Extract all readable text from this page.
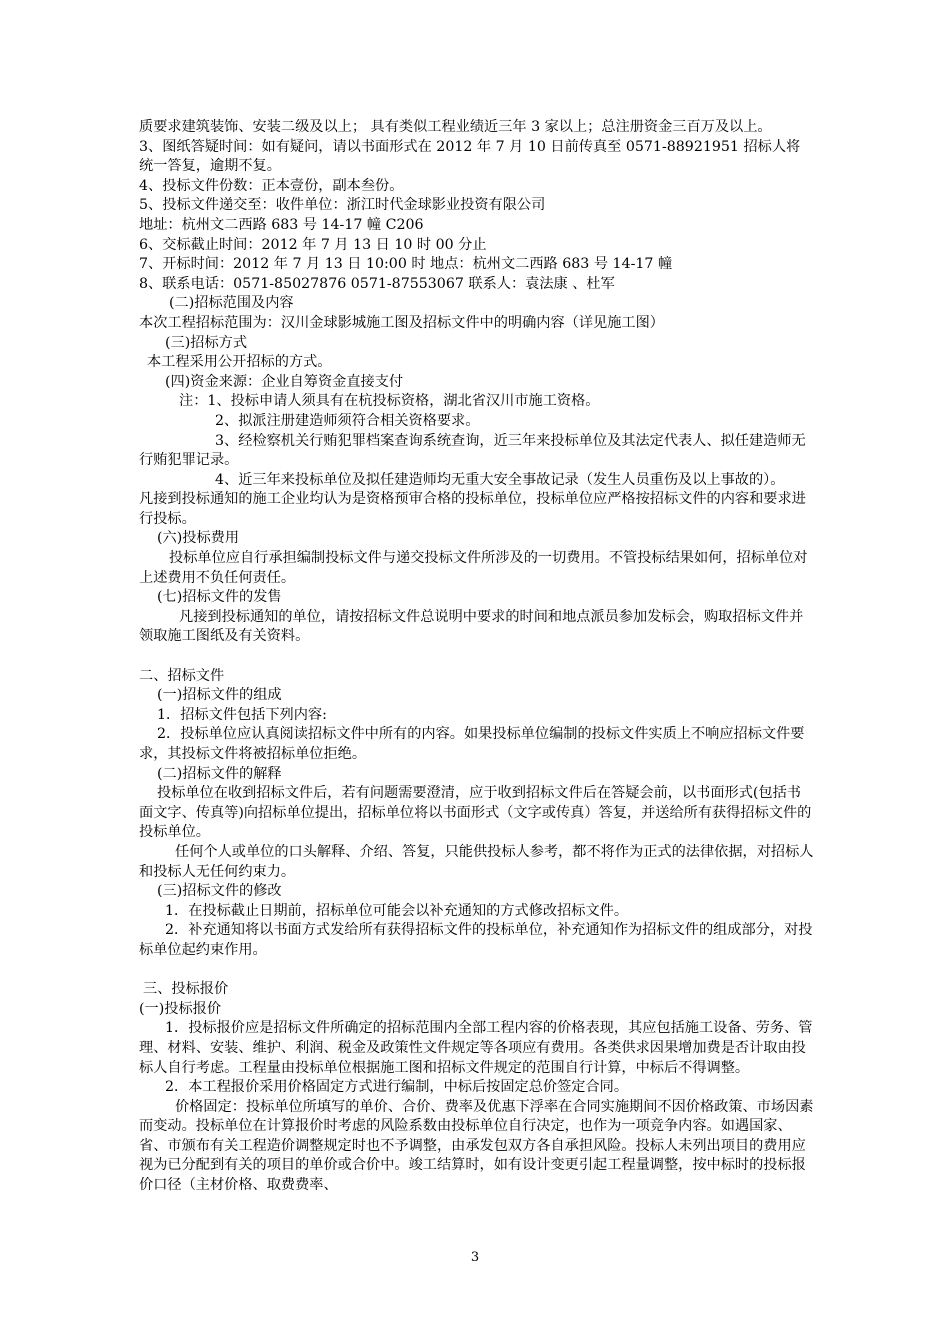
质要求建筑装饰、安装二级及以上； 具有类似工程业绩近三年 3 家以上；总注册资金三百万及以上。
3、图纸答疑时间：如有疑问，请以书面形式在 2012 年 7 月 10 日前传真至 0571-88921951 招标人将统一答复，逾期不复。
4、投标文件份数：正本壹份，副本叁份。
5、投标文件递交至：收件单位：浙江时代金球影业投资有限公司
地址：杭州文二西路 683 号 14-17 幢 C206
6、交标截止时间：2012 年 7 月 13 日 10 时 00 分止
7、开标时间：2012 年 7 月 13 日 10:00 时 地点：杭州文二西路 683 号 14-17 幢
8、联系电话：0571-85027876 0571-87553067 联系人：袁法康 、杜军
(二)招标范围及内容
本次工程招标范围为：汉川金球影城施工图及招标文件中的明确内容（详见施工图）
(三)招标方式
本工程采用公开招标的方式。
(四)资金来源：企业自筹资金直接支付
注：1、投标申请人须具有在杭投标资格，湖北省汉川市施工资格。
2、拟派注册建造师须符合相关资格要求。
3、经检察机关行贿犯罪档案查询系统查询，近三年来投标单位及其法定代表人、拟任建造师无行贿犯罪记录。
4、近三年来投标单位及拟任建造师均无重大安全事故记录（发生人员重伤及以上事故的）。
凡接到投标通知的施工企业均认为是资格预审合格的投标单位，投标单位应严格按招标文件的内容和要求进行投标。
(六)投标费用
投标单位应自行承担编制投标文件与递交投标文件所涉及的一切费用。不管投标结果如何，招标单位对上述费用不负任何责任。
(七)招标文件的发售
凡接到投标通知的单位，请按招标文件总说明中要求的时间和地点派员参加发标会，购取招标文件并领取施工图纸及有关资料。
二、招标文件
(一)招标文件的组成
1．招标文件包括下列内容:
2．投标单位应认真阅读招标文件中所有的内容。如果投标单位编制的投标文件实质上不响应招标文件要求，其投标文件将被招标单位拒绝。
(二)招标文件的解释
投标单位在收到招标文件后，若有问题需要澄清，应于收到招标文件后在答疑会前，以书面形式(包括书面文字、传真等)向招标单位提出，招标单位将以书面形式（文字或传真）答复，并送给所有获得招标文件的投标单位。
任何个人或单位的口头解释、介绍、答复，只能供投标人参考，都不将作为正式的法律依据，对招标人和投标人无任何约束力。
(三)招标文件的修改
1．在投标截止日期前，招标单位可能会以补充通知的方式修改招标文件。
2．补充通知将以书面方式发给所有获得招标文件的投标单位，补充通知作为招标文件的组成部分，对投标单位起约束作用。
三、投标报价
(一)投标报价
1．投标报价应是招标文件所确定的招标范围内全部工程内容的价格表现，其应包括施工设备、劳务、管理、材料、安装、维护、利润、税金及政策性文件规定等各项应有费用。各类供求因果增加费是否计取由投标人自行考虑。工程量由投标单位根据施工图和招标文件规定的范围自行计算，中标后不得调整。
2．本工程报价采用价格固定方式进行编制，中标后按固定总价签定合同。
价格固定：投标单位所填写的单价、合价、费率及优惠下浮率在合同实施期间不因价格政策、市场因素而变动。投标单位在计算报价时考虑的风险系数由投标单位自行决定，也作为一项竞争内容。如遇国家、省、市颁布有关工程造价调整规定时也不予调整，由承发包双方各自承担风险。投标人未列出项目的费用应视为已分配到有关的项目的单价或合价中。竣工结算时，如有设计变更引起工程量调整，按中标时的投标报价口径（主材价格、取费费率、
3
